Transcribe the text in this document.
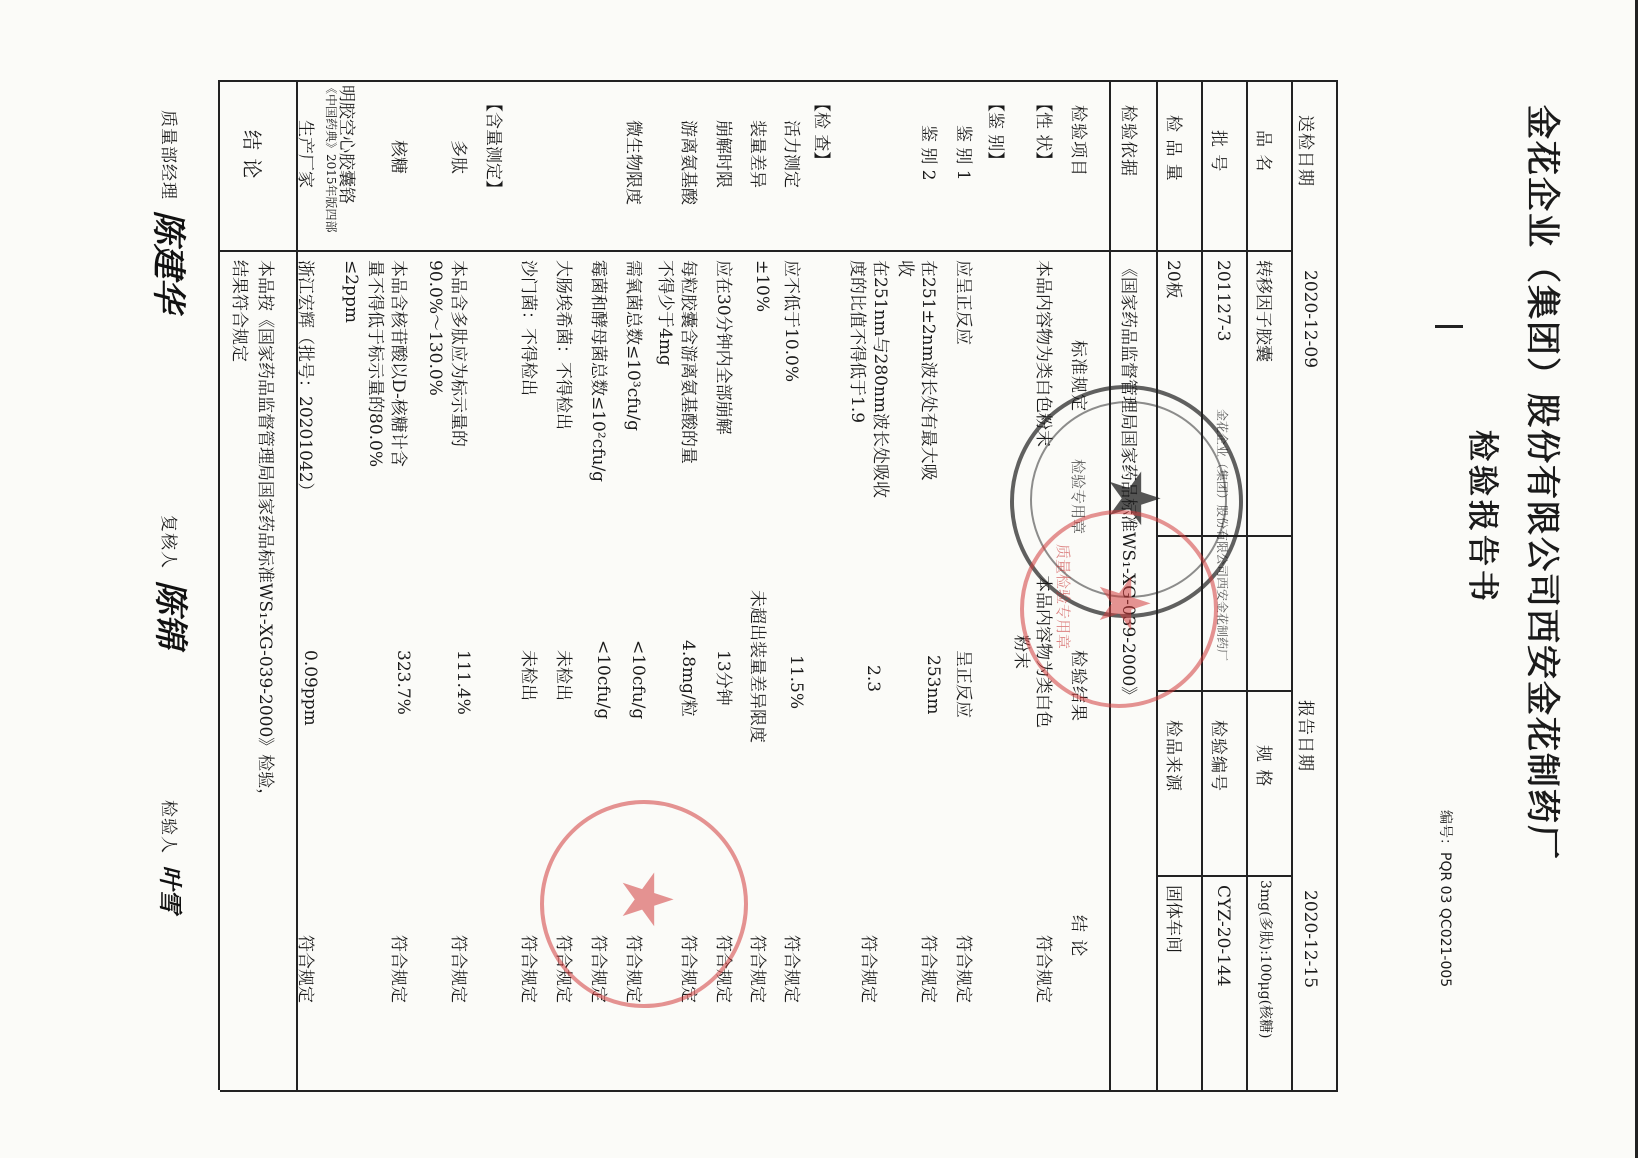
金花企业（集团）股份有限公司西安金花制药厂
检验报告书
编号：PQR 03 QC021-005
送检日期
2020-12-09
报告日期
2020-12-15
品 名
转移因子胶囊
规 格
3mg(多肽):100μg(核糖)
批 号
201127-3
检验编号
CYZ-20-144
检 品 量
20板
检品来源
固体车间
检验依据
《国家药品监督管理局国家药品标准WS₁-XG-039-2000》
检验项目
标准规定
检验结果
结 论
【性 状】
本品内容物为类白色粉末
本品内容物为类白色
粉末
符合规定
【鉴 别】
鉴 别 1
应呈正反应
呈正反应
符合规定
鉴 别 2
在251±2nm波长处有最大吸
收
253nm
符合规定
在251nm与280nm波长处吸收
度的比值不得低于1.9
2.3
符合规定
【检 查】
活力测定
应不低于10.0%
11.5%
符合规定
装量差异
±10%
未超出装量差异限度
符合规定
崩解时限
应在30分钟内全部崩解
13分钟
符合规定
游离氨基酸
每粒胶囊含游离氨基酸的量
不得少于4mg
4.8mg/粒
符合规定
微生物限度
需氧菌总数≤10³cfu/g
<10cfu/g
符合规定
霉菌和酵母菌总数≤10²cfu/g
<10cfu/g
符合规定
大肠埃希菌：不得检出
未检出
符合规定
沙门菌：不得检出
未检出
符合规定
【含量测定】
多肽
本品含多肽应为标示量的
90.0%～130.0%
111.4%
符合规定
核糖
本品含核苷酸以D-核糖计含
量不得低于标示量的80.0%
323.7%
符合规定
明胶空心胶囊铬
≤2ppm
《中国药典》2015年版四部
生产厂家
浙江宏辉（批号：20201042）
0.09ppm
符合规定
结 论
本品按《国家药品监督管理局国家药品标准WS₁-XG-039-2000》检验，
结果符合规定
质量部经理
陈建华
复核人
陈锦
检验人
叶雪
★	金花企业（集团）股份有限公司西安金花制药厂
检验专用章
★
质量检验专用章
★
